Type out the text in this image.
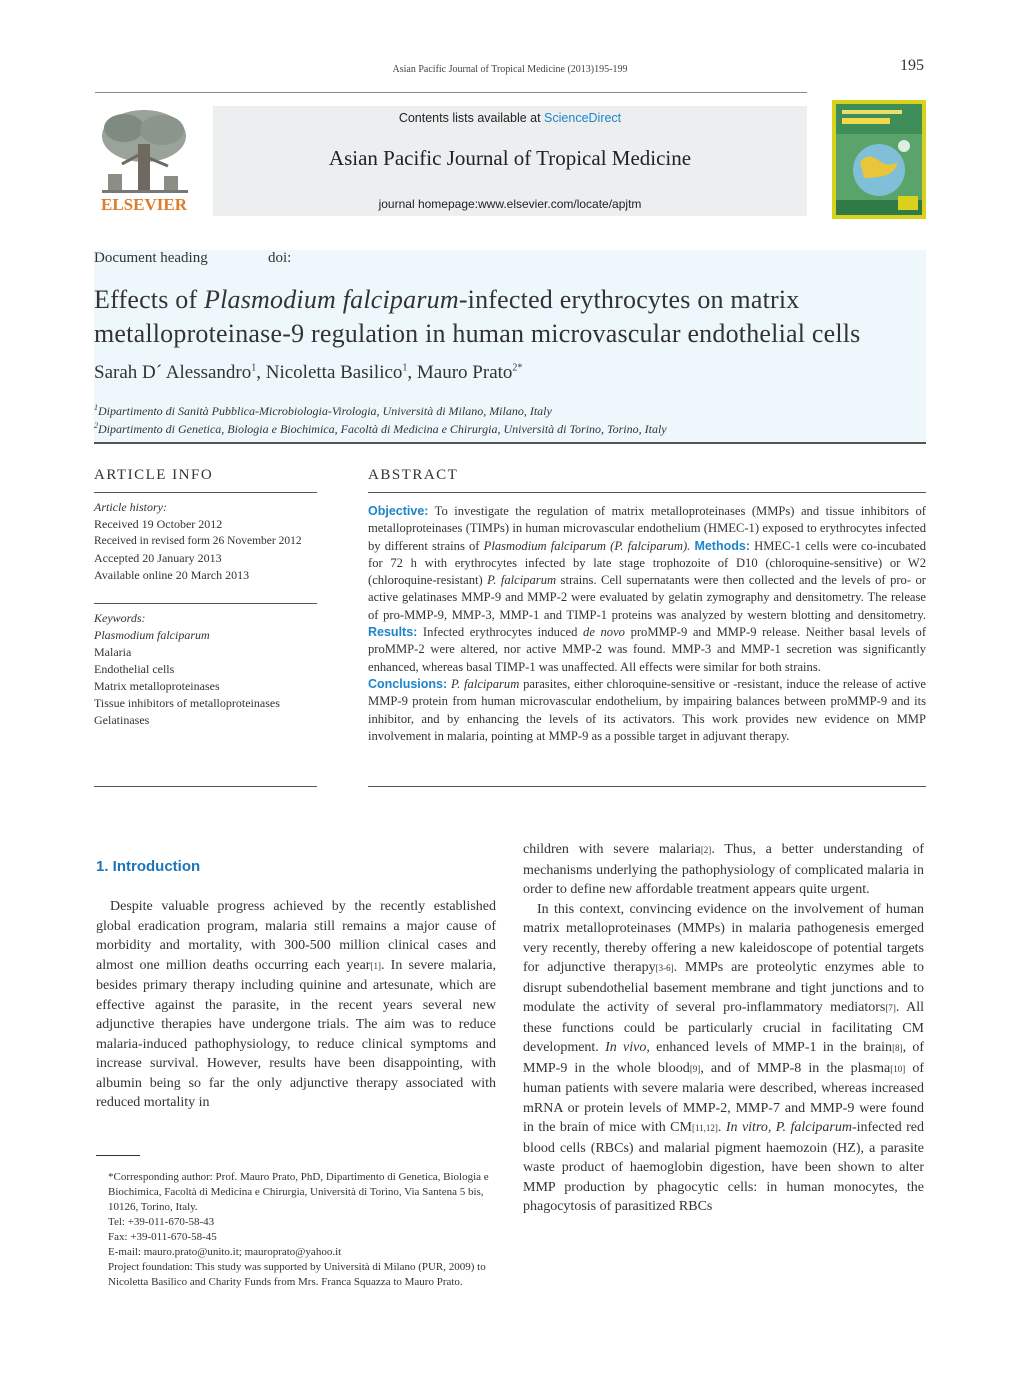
Asian Pacific Journal of Tropical Medicine (2013)195-199	195
ELSEVIER
Contents lists available at ScienceDirect
Asian Pacific Journal of Tropical Medicine
journal homepage:www.elsevier.com/locate/apjtm
Document heading	doi:
Effects of Plasmodium falciparum-infected erythrocytes on matrix metalloproteinase-9 regulation in human microvascular endothelial cells
Sarah D´ Alessandro$^1$, Nicoletta Basilico$^1$, Mauro Prato$^{2*}$
$^1$Dipartimento di Sanità Pubblica-Microbiologia-Virologia, Università di Milano, Milano, Italy
$^2$Dipartimento di Genetica, Biologia e Biochimica, Facoltà di Medicina e Chirurgia, Università di Torino, Torino, Italy
ARTICLE INFO	ABSTRACT
Article history:
Received 19 October 2012
Received in revised form 26 November 2012
Accepted 20 January 2013
Available online 20 March 2013
Keywords:
Plasmodium falciparum
Malaria
Endothelial cells
Matrix metalloproteinases
Tissue inhibitors of metalloproteinases
Gelatinases
Objective: To investigate the regulation of matrix metalloproteinases (MMPs) and tissue inhibitors of metalloproteinases (TIMPs) in human microvascular endothelium (HMEC-1) exposed to erythrocytes infected by different strains of Plasmodium falciparum (P. falciparum). Methods: HMEC-1 cells were co-incubated for 72 h with erythrocytes infected by late stage trophozoite of D10 (chloroquine-sensitive) or W2 (chloroquine-resistant) P. falciparum strains. Cell supernatants were then collected and the levels of pro- or active gelatinases MMP-9 and MMP-2 were evaluated by gelatin zymography and densitometry. The release of pro-MMP-9, MMP-3, MMP-1 and TIMP-1 proteins was analyzed by western blotting and densitometry. Results: Infected erythrocytes induced de novo proMMP-9 and MMP-9 release. Neither basal levels of proMMP-2 were altered, nor active MMP-2 was found. MMP-3 and MMP-1 secretion was significantly enhanced, whereas basal TIMP-1 was unaffected. All effects were similar for both strains.
Conclusions: P. falciparum parasites, either chloroquine-sensitive or -resistant, induce the release of active MMP-9 protein from human microvascular endothelium, by impairing balances between proMMP-9 and its inhibitor, and by enhancing the levels of its activators. This work provides new evidence on MMP involvement in malaria, pointing at MMP-9 as a possible target in adjuvant therapy.
1. Introduction
Despite valuable progress achieved by the recently established global eradication program, malaria still remains a major cause of morbidity and mortality, with 300-500 million clinical cases and almost one million deaths occurring each year[1]. In severe malaria, besides primary therapy including quinine and artesunate, which are effective against the parasite, in the recent years several new adjunctive therapies have undergone trials. The aim was to reduce malaria-induced pathophysiology, to reduce clinical symptoms and increase survival. However, results have been disappointing, with albumin being so far the only adjunctive therapy associated with reduced mortality in

*Corresponding author: Prof. Mauro Prato, PhD, Dipartimento di Genetica, Biologia e Biochimica, Facoltà di Medicina e Chirurgia, Università di Torino, Via Santena 5 bis, 10126, Torino, Italy.

Tel: +39-011-670-58-43

Fax: +39-011-670-58-45

E-mail: mauro.prato@unito.it; mauroprato@yahoo.it

Project foundation: This study was supported by Università di Milano (PUR, 2009) to Nicoletta Basilico and Charity Funds from Mrs. Franca Squazza to Mauro Prato.

children with severe malaria[2]. Thus, a better understanding of mechanisms underlying the pathophysiology of complicated malaria in order to define new affordable treatment appears quite urgent.
In this context, convincing evidence on the involvement of human matrix metalloproteinases (MMPs) in malaria pathogenesis emerged very recently, thereby offering a new kaleidoscope of potential targets for adjunctive therapy[3-6]. MMPs are proteolytic enzymes able to disrupt subendothelial basement membrane and tight junctions and to modulate the activity of several pro-inflammatory mediators[7]. All these functions could be particularly crucial in facilitating CM development. In vivo, enhanced levels of MMP-1 in the brain[8], of MMP-9 in the whole blood[9], and of MMP-8 in the plasma[10] of human patients with severe malaria were described, whereas increased mRNA or protein levels of MMP-2, MMP-7 and MMP-9 were found in the brain of mice with CM[11,12]. In vitro, P. falciparum-infected red blood cells (RBCs) and malarial pigment haemozoin (HZ), a parasite waste product of haemoglobin digestion, have been shown to alter MMP production by phagocytic cells: in human monocytes, the phagocytosis of parasitized RBCs
